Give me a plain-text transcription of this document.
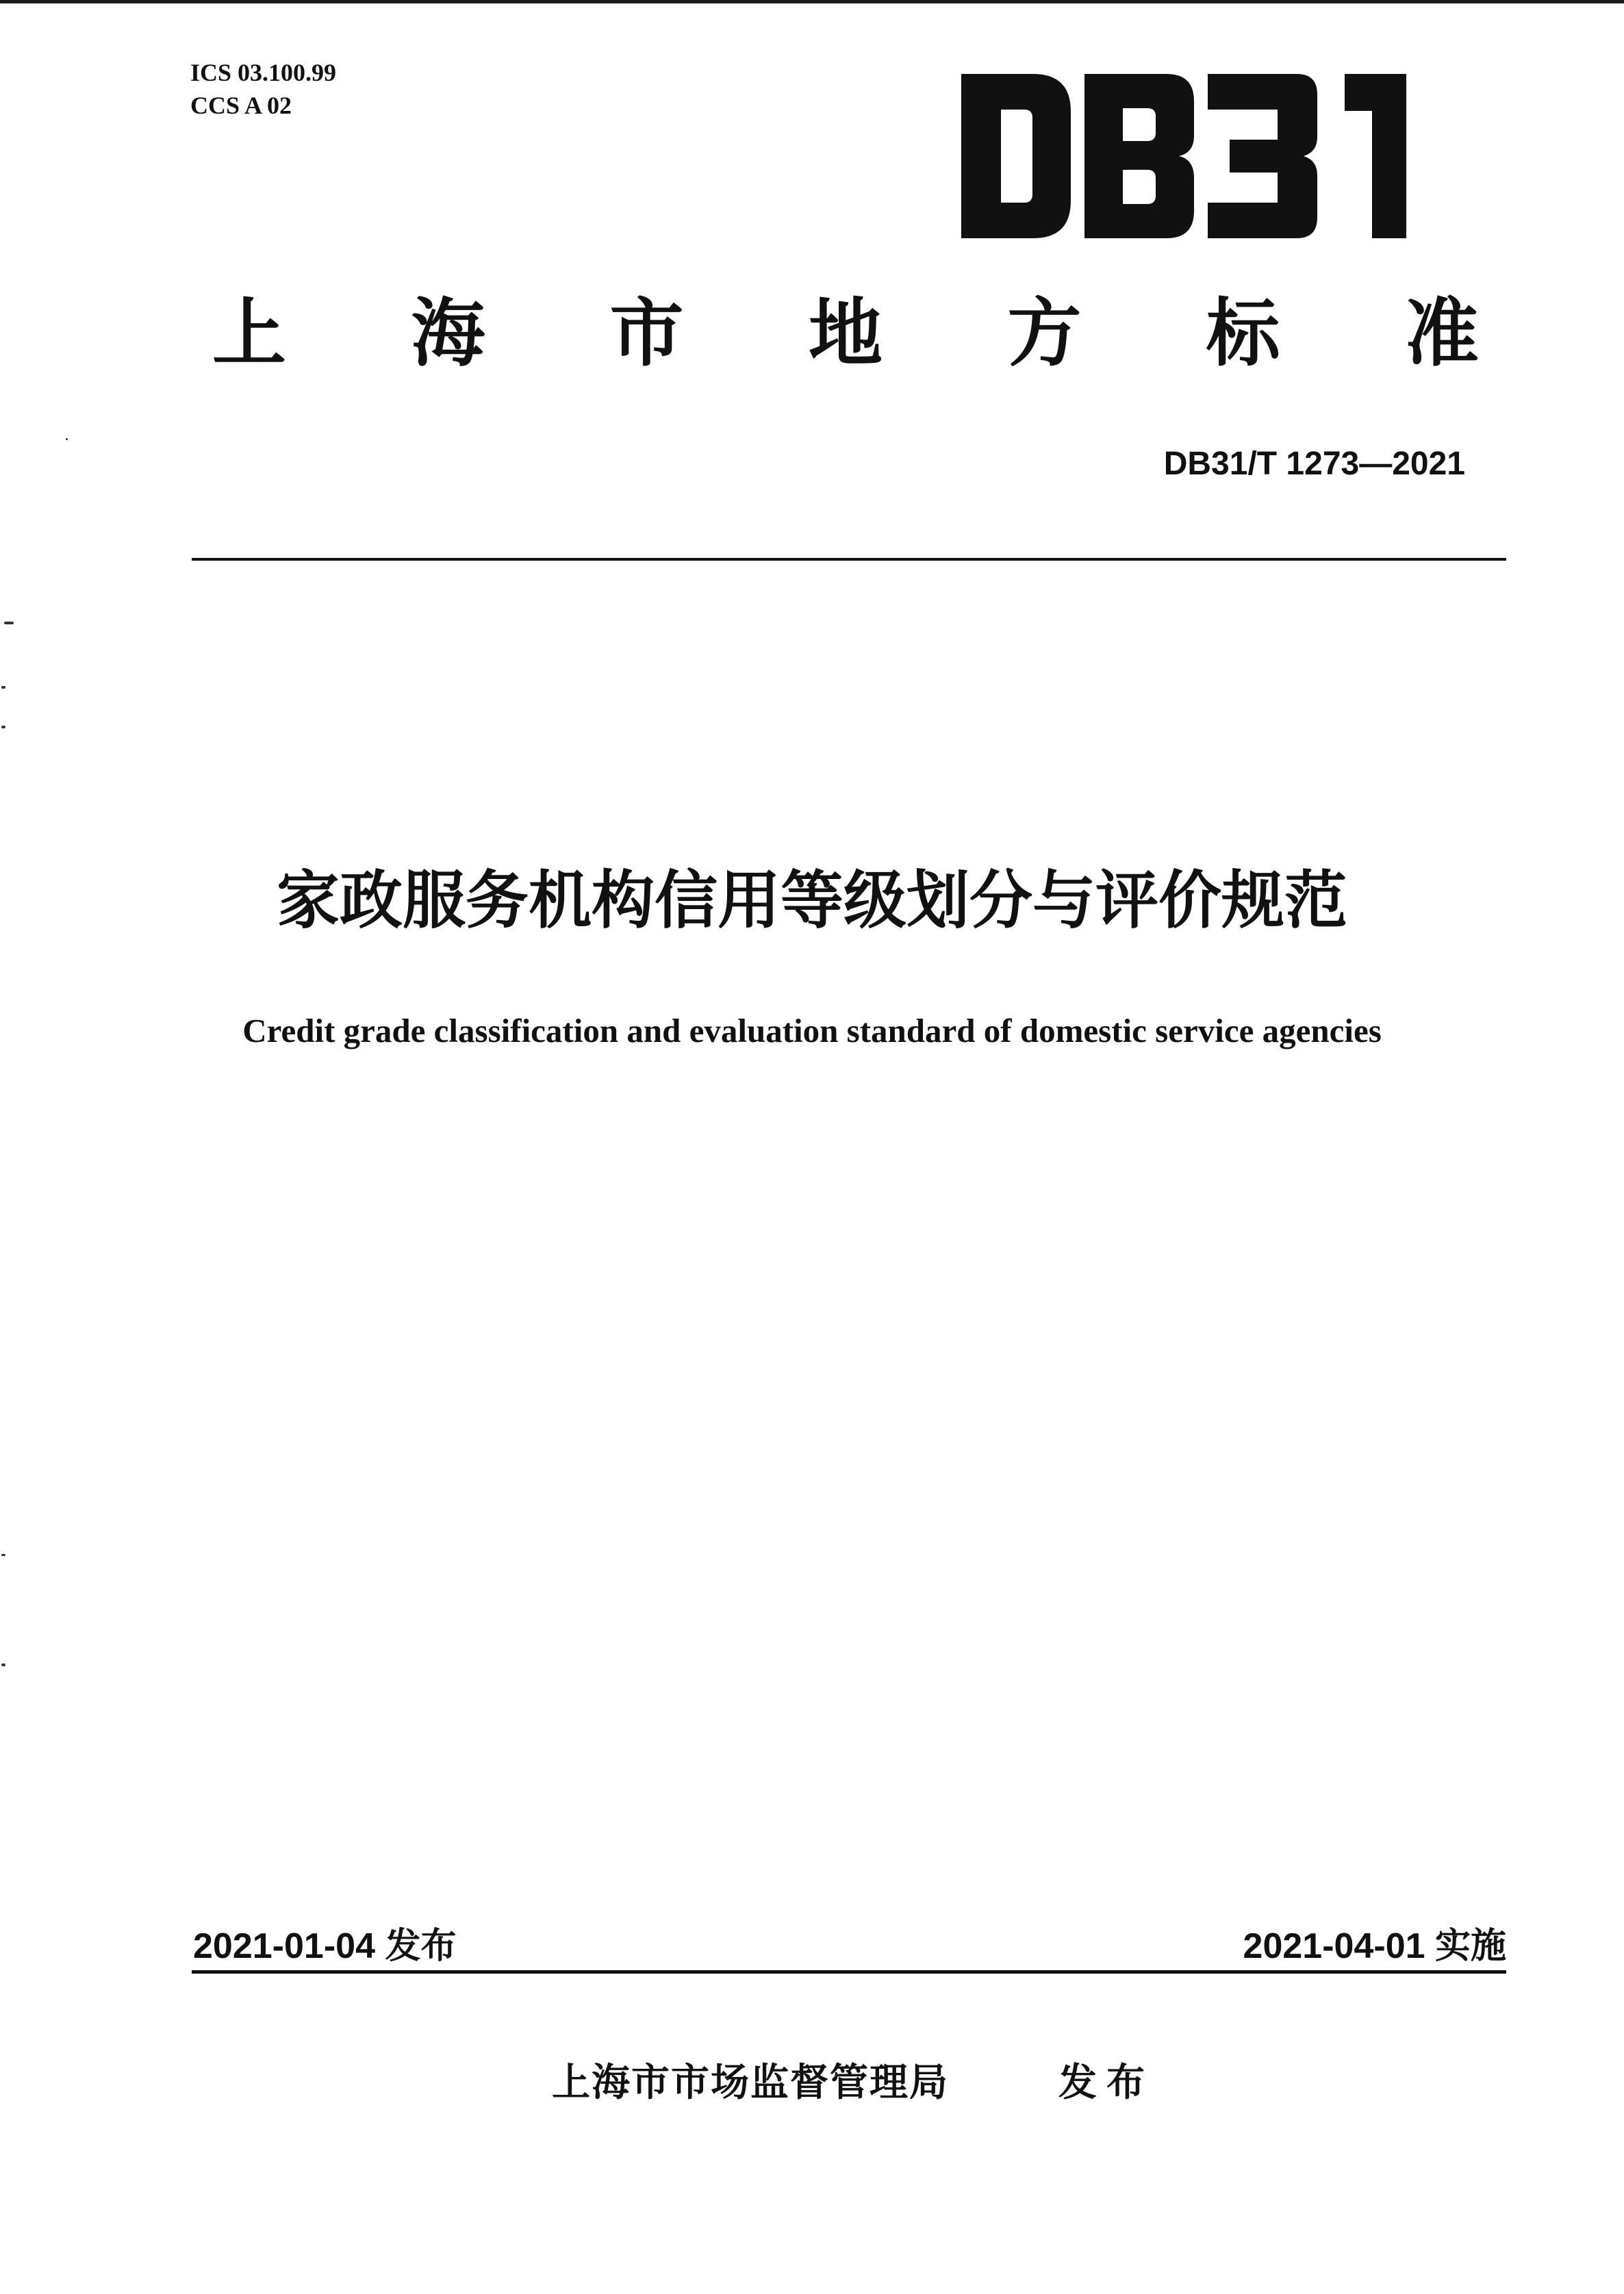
ICS 03.100.99
CCS A 02
上 海 市 地 方 标 准
DB31/T 1273—2021
家政服务机构信用等级划分与评价规范
Credit grade classification and evaluation standard of domestic service agencies
2021-01-04 发布	2021-04-01 实施
上海市市场监督管理局	发布
